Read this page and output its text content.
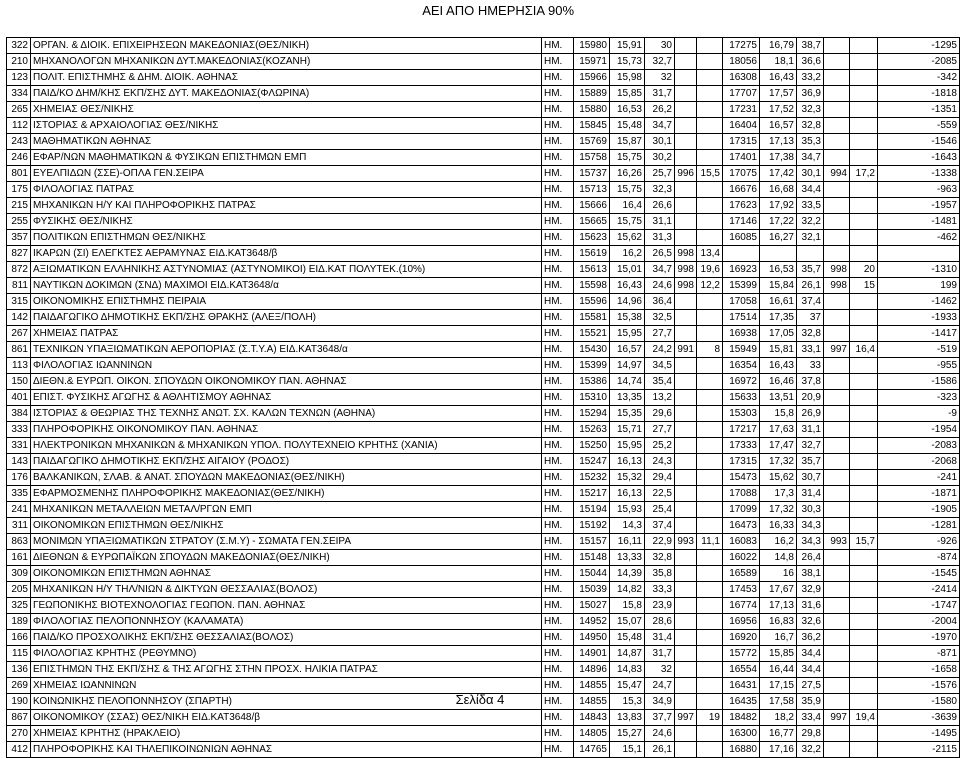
ΑΕΙ ΑΠΟ ΗΜΕΡΗΣΙΑ 90%
322	ΟΡΓΑΝ. & ΔΙΟΙΚ. ΕΠΙΧΕΙΡΗΣΕΩΝ ΜΑΚΕΔΟΝΙΑΣ(ΘΕΣ/ΝΙΚΗ)	ΗΜ.	15980	15,91	30			17275	16,79	38,7			-1295
210	ΜΗΧΑΝΟΛΟΓΩΝ ΜΗΧΑΝΙΚΩΝ ΔΥΤ.ΜΑΚΕΔΟΝΙΑΣ(ΚΟΖΑΝΗ)	ΗΜ.	15971	15,73	32,7			18056	18,1	36,6			-2085
123	ΠΟΛΙΤ. ΕΠΙΣΤΗΜΗΣ & ΔΗΜ. ΔΙΟΙΚ. ΑΘΗΝΑΣ	ΗΜ.	15966	15,98	32			16308	16,43	33,2			-342
334	ΠΑΙΔ/ΚΟ ΔΗΜ/ΚΗΣ ΕΚΠ/ΣΗΣ ΔΥΤ. ΜΑΚΕΔΟΝΙΑΣ(ΦΛΩΡΙΝΑ)	ΗΜ.	15889	15,85	31,7			17707	17,57	36,9			-1818
265	ΧΗΜΕΙΑΣ ΘΕΣ/ΝΙΚΗΣ	ΗΜ.	15880	16,53	26,2			17231	17,52	32,3			-1351
112	ΙΣΤΟΡΙΑΣ & ΑΡΧΑΙΟΛΟΓΙΑΣ ΘΕΣ/ΝΙΚΗΣ	ΗΜ.	15845	15,48	34,7			16404	16,57	32,8			-559
243	ΜΑΘΗΜΑΤΙΚΩΝ ΑΘΗΝΑΣ	ΗΜ.	15769	15,87	30,1			17315	17,13	35,3			-1546
246	ΕΦΑΡ/ΝΩΝ ΜΑΘΗΜΑΤΙΚΩΝ & ΦΥΣΙΚΩΝ ΕΠΙΣΤΗΜΩΝ ΕΜΠ	ΗΜ.	15758	15,75	30,2			17401	17,38	34,7			-1643
801	ΕΥΕΛΠΙΔΩΝ (ΣΣΕ)-ΟΠΛΑ ΓΕΝ.ΣΕΙΡΑ	ΗΜ.	15737	16,26	25,7	996	15,5	17075	17,42	30,1	994	17,2	-1338
175	ΦΙΛΟΛΟΓΙΑΣ ΠΑΤΡΑΣ	ΗΜ.	15713	15,75	32,3			16676	16,68	34,4			-963
215	ΜΗΧΑΝΙΚΩΝ Η/Υ ΚΑΙ ΠΛΗΡΟΦΟΡΙΚΗΣ ΠΑΤΡΑΣ	ΗΜ.	15666	16,4	26,6			17623	17,92	33,5			-1957
255	ΦΥΣΙΚΗΣ ΘΕΣ/ΝΙΚΗΣ	ΗΜ.	15665	15,75	31,1			17146	17,22	32,2			-1481
357	ΠΟΛΙΤΙΚΩΝ ΕΠΙΣΤΗΜΩΝ ΘΕΣ/ΝΙΚΗΣ	ΗΜ.	15623	15,62	31,3			16085	16,27	32,1			-462
827	ΙΚΑΡΩΝ (ΣΙ) ΕΛΕΓΚΤΕΣ ΑΕΡΑΜΥΝΑΣ ΕΙΔ.ΚΑΤ3648/β	ΗΜ.	15619	16,2	26,5	998	13,4						
872	ΑΞΙΩΜΑΤΙΚΩΝ ΕΛΛΗΝΙΚΗΣ ΑΣΤΥΝΟΜΙΑΣ (ΑΣΤΥΝΟΜΙΚΟΙ) ΕΙΔ.ΚΑΤ ΠΟΛΥΤΕΚ.(10%)	ΗΜ.	15613	15,01	34,7	998	19,6	16923	16,53	35,7	998	20	-1310
811	ΝΑΥΤΙΚΩΝ ΔΟΚΙΜΩΝ (ΣΝΔ) ΜΑΧΙΜΟΙ ΕΙΔ.ΚΑΤ3648/α	ΗΜ.	15598	16,43	24,6	998	12,2	15399	15,84	26,1	998	15	199
315	ΟΙΚΟΝΟΜΙΚΗΣ ΕΠΙΣΤΗΜΗΣ ΠΕΙΡΑΙΑ	ΗΜ.	15596	14,96	36,4			17058	16,61	37,4			-1462
142	ΠΑΙΔΑΓΩΓΙΚΟ ΔΗΜΟΤΙΚΗΣ ΕΚΠ/ΣΗΣ ΘΡΑΚΗΣ (ΑΛΕΞ/ΠΟΛΗ)	ΗΜ.	15581	15,38	32,5			17514	17,35	37			-1933
267	ΧΗΜΕΙΑΣ ΠΑΤΡΑΣ	ΗΜ.	15521	15,95	27,7			16938	17,05	32,8			-1417
861	ΤΕΧΝΙΚΩΝ ΥΠΑΞΙΩΜΑΤΙΚΩΝ ΑΕΡΟΠΟΡΙΑΣ (Σ.Τ.Υ.Α) ΕΙΔ.ΚΑΤ3648/α	ΗΜ.	15430	16,57	24,2	991	8	15949	15,81	33,1	997	16,4	-519
113	ΦΙΛΟΛΟΓΙΑΣ ΙΩΑΝΝΙΝΩΝ	ΗΜ.	15399	14,97	34,5			16354	16,43	33			-955
150	ΔΙΕΘΝ.& ΕΥΡΩΠ. ΟΙΚΟΝ. ΣΠΟΥΔΩΝ ΟΙΚΟΝΟΜΙΚΟΥ ΠΑΝ. ΑΘΗΝΑΣ	ΗΜ.	15386	14,74	35,4			16972	16,46	37,8			-1586
401	ΕΠΙΣΤ. ΦΥΣΙΚΗΣ ΑΓΩΓΗΣ & ΑΘΛΗΤΙΣΜΟΥ ΑΘΗΝΑΣ	ΗΜ.	15310	13,35	13,2			15633	13,51	20,9			-323
384	ΙΣΤΟΡΙΑΣ & ΘΕΩΡΙΑΣ ΤΗΣ ΤΕΧΝΗΣ ΑΝΩΤ. ΣΧ. ΚΑΛΩΝ ΤΕΧΝΩΝ (ΑΘΗΝΑ)	ΗΜ.	15294	15,35	29,6			15303	15,8	26,9			-9
333	ΠΛΗΡΟΦΟΡΙΚΗΣ ΟΙΚΟΝΟΜΙΚΟΥ ΠΑΝ. ΑΘΗΝΑΣ	ΗΜ.	15263	15,71	27,7			17217	17,63	31,1			-1954
331	ΗΛΕΚΤΡΟΝΙΚΩΝ ΜΗΧΑΝΙΚΩΝ & ΜΗΧΑΝΙΚΩΝ ΥΠΟΛ. ΠΟΛΥΤΕΧΝΕΙΟ ΚΡΗΤΗΣ (ΧΑΝΙΑ)	ΗΜ.	15250	15,95	25,2			17333	17,47	32,7			-2083
143	ΠΑΙΔΑΓΩΓΙΚΟ ΔΗΜΟΤΙΚΗΣ ΕΚΠ/ΣΗΣ ΑΙΓΑΙΟΥ (ΡΟΔΟΣ)	ΗΜ.	15247	16,13	24,3			17315	17,32	35,7			-2068
176	ΒΑΛΚΑΝΙΚΩΝ, ΣΛΑΒ. & ΑΝΑΤ. ΣΠΟΥΔΩΝ ΜΑΚΕΔΟΝΙΑΣ(ΘΕΣ/ΝΙΚΗ)	ΗΜ.	15232	15,32	29,4			15473	15,62	30,7			-241
335	ΕΦΑΡΜΟΣΜΕΝΗΣ ΠΛΗΡΟΦΟΡΙΚΗΣ ΜΑΚΕΔΟΝΙΑΣ(ΘΕΣ/ΝΙΚΗ)	ΗΜ.	15217	16,13	22,5			17088	17,3	31,4			-1871
241	ΜΗΧΑΝΙΚΩΝ ΜΕΤΑΛΛΕΙΩΝ ΜΕΤΑΛ/ΡΓΩΝ ΕΜΠ	ΗΜ.	15194	15,93	25,4			17099	17,32	30,3			-1905
311	ΟΙΚΟΝΟΜΙΚΩΝ ΕΠΙΣΤΗΜΩΝ ΘΕΣ/ΝΙΚΗΣ	ΗΜ.	15192	14,3	37,4			16473	16,33	34,3			-1281
863	ΜΟΝΙΜΩΝ ΥΠΑΞΙΩΜΑΤΙΚΩΝ ΣΤΡΑΤΟΥ (Σ.Μ.Υ) - ΣΩΜΑΤΑ ΓΕΝ.ΣΕΙΡΑ	ΗΜ.	15157	16,11	22,9	993	11,1	16083	16,2	34,3	993	15,7	-926
161	ΔΙΕΘΝΩΝ & ΕΥΡΩΠΑΪΚΩΝ ΣΠΟΥΔΩΝ ΜΑΚΕΔΟΝΙΑΣ(ΘΕΣ/ΝΙΚΗ)	ΗΜ.	15148	13,33	32,8			16022	14,8	26,4			-874
309	ΟΙΚΟΝΟΜΙΚΩΝ ΕΠΙΣΤΗΜΩΝ ΑΘΗΝΑΣ	ΗΜ.	15044	14,39	35,8			16589	16	38,1			-1545
205	ΜΗΧΑΝΙΚΩΝ Η/Υ ΤΗΛ/ΝΙΩΝ & ΔΙΚΤΥΩΝ ΘΕΣΣΑΛΙΑΣ(ΒΟΛΟΣ)	ΗΜ.	15039	14,82	33,3			17453	17,67	32,9			-2414
325	ΓΕΩΠΟΝΙΚΗΣ ΒΙΟΤΕΧΝΟΛΟΓΙΑΣ ΓΕΩΠΟΝ. ΠΑΝ. ΑΘΗΝΑΣ	ΗΜ.	15027	15,8	23,9			16774	17,13	31,6			-1747
189	ΦΙΛΟΛΟΓΙΑΣ ΠΕΛΟΠΟΝΝΗΣΟΥ (ΚΑΛΑΜΑΤΑ)	ΗΜ.	14952	15,07	28,6			16956	16,83	32,6			-2004
166	ΠΑΙΔ/ΚΟ ΠΡΟΣΧΟΛΙΚΗΣ ΕΚΠ/ΣΗΣ ΘΕΣΣΑΛΙΑΣ(ΒΟΛΟΣ)	ΗΜ.	14950	15,48	31,4			16920	16,7	36,2			-1970
115	ΦΙΛΟΛΟΓΙΑΣ ΚΡΗΤΗΣ (ΡΕΘΥΜΝΟ)	ΗΜ.	14901	14,87	31,7			15772	15,85	34,4			-871
136	ΕΠΙΣΤΗΜΩΝ ΤΗΣ ΕΚΠ/ΣΗΣ & ΤΗΣ ΑΓΩΓΗΣ ΣΤΗΝ ΠΡΟΣΧ. ΗΛΙΚΙΑ ΠΑΤΡΑΣ	ΗΜ.	14896	14,83	32			16554	16,44	34,4			-1658
269	ΧΗΜΕΙΑΣ ΙΩΑΝΝΙΝΩΝ	ΗΜ.	14855	15,47	24,7			16431	17,15	27,5			-1576
190	ΚΟΙΝΩΝΙΚΗΣ ΠΕΛΟΠΟΝΝΗΣΟΥ (ΣΠΑΡΤΗ)	ΗΜ.	14855	15,3	34,9			16435	17,58	35,9			-1580
867	ΟΙΚΟΝΟΜΙΚΟΥ (ΣΣΑΣ) ΘΕΣ/ΝΙΚΗ ΕΙΔ.ΚΑΤ3648/β	ΗΜ.	14843	13,83	37,7	997	19	18482	18,2	33,4	997	19,4	-3639
270	ΧΗΜΕΙΑΣ ΚΡΗΤΗΣ (ΗΡΑΚΛΕΙΟ)	ΗΜ.	14805	15,27	24,6			16300	16,77	29,8			-1495
412	ΠΛΗΡΟΦΟΡΙΚΗΣ ΚΑΙ ΤΗΛΕΠΙΚΟΙΝΩΝΙΩΝ ΑΘΗΝΑΣ	ΗΜ.	14765	15,1	26,1			16880	17,16	32,2			-2115
Σελίδα 4
